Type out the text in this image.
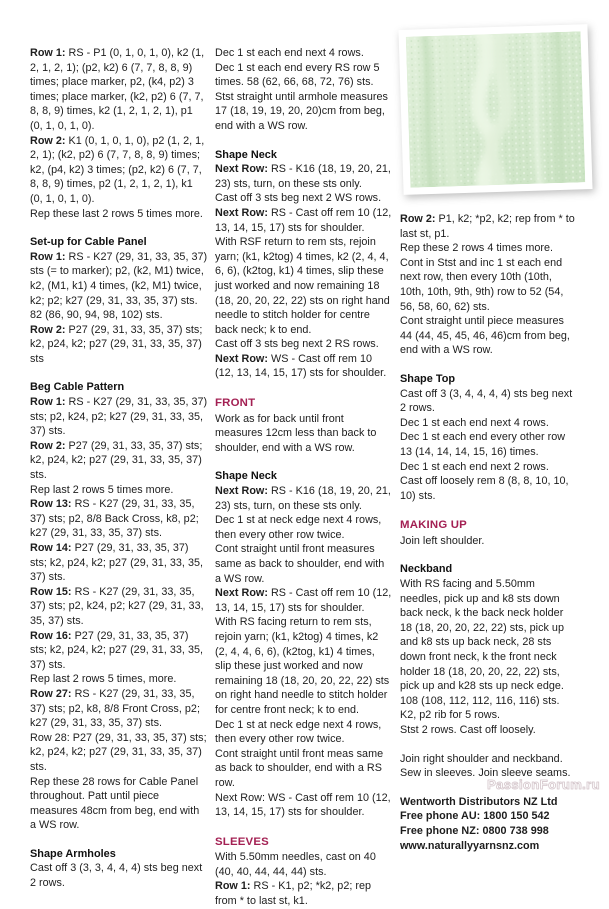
Row 1: RS - P1 (0, 1, 0, 1, 0), k2 (1, 2, 1, 2, 1); (p2, k2) 6 (7, 7, 8, 8, 9) times; place marker, p2, (k4, p2) 3 times; place marker, (k2, p2) 6 (7, 7, 8, 8, 9) times, k2 (1, 2, 1, 2, 1), p1 (0, 1, 0, 1, 0).

Row 2: K1 (0, 1, 0, 1, 0), p2 (1, 2, 1, 2, 1); (k2, p2) 6 (7, 7, 8, 8, 9) times; k2, (p4, k2) 3 times; (p2, k2) 6 (7, 7, 8, 8, 9) times, p2 (1, 2, 1, 2, 1), k1 (0, 1, 0, 1, 0).

Rep these last 2 rows 5 times more.

Set-up for Cable Panel

Row 1: RS - K27 (29, 31, 33, 35, 37) sts (= to marker); p2, (k2, M1) twice, k2, (M1, k1) 4 times, (k2, M1) twice, k2; p2; k27 (29, 31, 33, 35, 37) sts. 82 (86, 90, 94, 98, 102) sts.

Row 2: P27 (29, 31, 33, 35, 37) sts; k2, p24, k2; p27 (29, 31, 33, 35, 37) sts

Beg Cable Pattern

Row 1: RS - K27 (29, 31, 33, 35, 37) sts; p2, k24, p2; k27 (29, 31, 33, 35, 37) sts.

Row 2: P27 (29, 31, 33, 35, 37) sts; k2, p24, k2; p27 (29, 31, 33, 35, 37) sts.

Rep last 2 rows 5 times more.

Row 13: RS - K27 (29, 31, 33, 35, 37) sts; p2, 8/8 Back Cross, k8, p2; k27 (29, 31, 33, 35, 37) sts.

Row 14: P27 (29, 31, 33, 35, 37) sts; k2, p24, k2; p27 (29, 31, 33, 35, 37) sts.

Row 15: RS - K27 (29, 31, 33, 35, 37) sts; p2, k24, p2; k27 (29, 31, 33, 35, 37) sts.

Row 16: P27 (29, 31, 33, 35, 37) sts; k2, p24, k2; p27 (29, 31, 33, 35, 37) sts.

Rep last 2 rows 5 times, more.

Row 27: RS - K27 (29, 31, 33, 35, 37) sts; p2, k8, 8/8 Front Cross, p2; k27 (29, 31, 33, 35, 37) sts.

Row 28: P27 (29, 31, 33, 35, 37) sts; k2, p24, k2; p27 (29, 31, 33, 35, 37) sts.

Rep these 28 rows for Cable Panel throughout. Patt until piece measures 48cm from beg, end with a WS row.

Shape Armholes

Cast off 3 (3, 3, 4, 4, 4) sts beg next 2 rows.

Dec 1 st each end next 4 rows.

Dec 1 st each end every RS row 5 times. 58 (62, 66, 68, 72, 76) sts.

Stst straight until armhole measures 17 (18, 19, 19, 20, 20)cm from beg, end with a WS row.

Shape Neck

Next Row: RS - K16 (18, 19, 20, 21, 23) sts, turn, on these sts only.

Cast off 3 sts beg next 2 WS rows.

Next Row: RS - Cast off rem 10 (12, 13, 14, 15, 17) sts for shoulder.

With RSF return to rem sts, rejoin yarn; (k1, k2tog) 4 times, k2 (2, 4, 4, 6, 6), (k2tog, k1) 4 times, slip these just worked and now remaining 18 (18, 20, 20, 22, 22) sts on right hand needle to stitch holder for centre back neck; k to end.

Cast off 3 sts beg next 2 RS rows.

Next Row: WS - Cast off rem 10 (12, 13, 14, 15, 17) sts for shoulder.

FRONT

Work as for back until front measures 12cm less than back to shoulder, end with a WS row.

Shape Neck

Next Row: RS - K16 (18, 19, 20, 21, 23) sts, turn, on these sts only.

Dec 1 st at neck edge next 4 rows, then every other row twice.

Cont straight until front measures same as back to shoulder, end with a WS row.

Next Row: RS - Cast off rem 10 (12, 13, 14, 15, 17) sts for shoulder.

With RS facing return to rem sts, rejoin yarn; (k1, k2tog) 4 times, k2 (2, 4, 4, 6, 6), (k2tog, k1) 4 times, slip these just worked and now remaining 18 (18, 20, 20, 22, 22) sts on right hand needle to stitch holder for centre front neck; k to end.

Dec 1 st at neck edge next 4 rows, then every other row twice.

Cont straight until front meas same as back to shoulder, end with a RS row.

Next Row: WS - Cast off rem 10 (12, 13, 14, 15, 17) sts for shoulder.

SLEEVES

With 5.50mm needles, cast on 40 (40, 40, 44, 44, 44) sts.

Row 1: RS - K1, p2; *k2, p2; rep from * to last st, k1.

Row 2: P1, k2; *p2, k2; rep from * to last st, p1.

Rep these 2 rows 4 times more.

Cont in Stst and inc 1 st each end next row, then every 10th (10th, 10th, 10th, 9th, 9th) row to 52 (54, 56, 58, 60, 62) sts.

Cont straight until piece measures 44 (44, 45, 45, 46, 46)cm from beg, end with a WS row.

Shape Top

Cast off 3 (3, 4, 4, 4, 4) sts beg next 2 rows.

Dec 1 st each end next 4 rows.

Dec 1 st each end every other row 13 (14, 14, 14, 15, 16) times.

Dec 1 st each end next 2 rows.

Cast off loosely rem 8 (8, 8, 10, 10, 10) sts.

MAKING UP

Join left shoulder.

Neckband

With RS facing and 5.50mm needles, pick up and k8 sts down back neck, k the back neck holder 18 (18, 20, 20, 22, 22) sts, pick up and k8 sts up back neck, 28 sts down front neck, k the front neck holder 18 (18, 20, 20, 22, 22) sts, pick up and k28 sts up neck edge. 108 (108, 112, 112, 116, 116) sts.

K2, p2 rib for 5 rows.

Stst 2 rows. Cast off loosely.

Join right shoulder and neckband.

Sew in sleeves. Join sleeve seams.

Wentworth Distributors NZ Ltd

Free phone AU: 1800 150 542

Free phone NZ: 0800 738 998

www.naturallyyarnsnz.com

PassionForum.ru
